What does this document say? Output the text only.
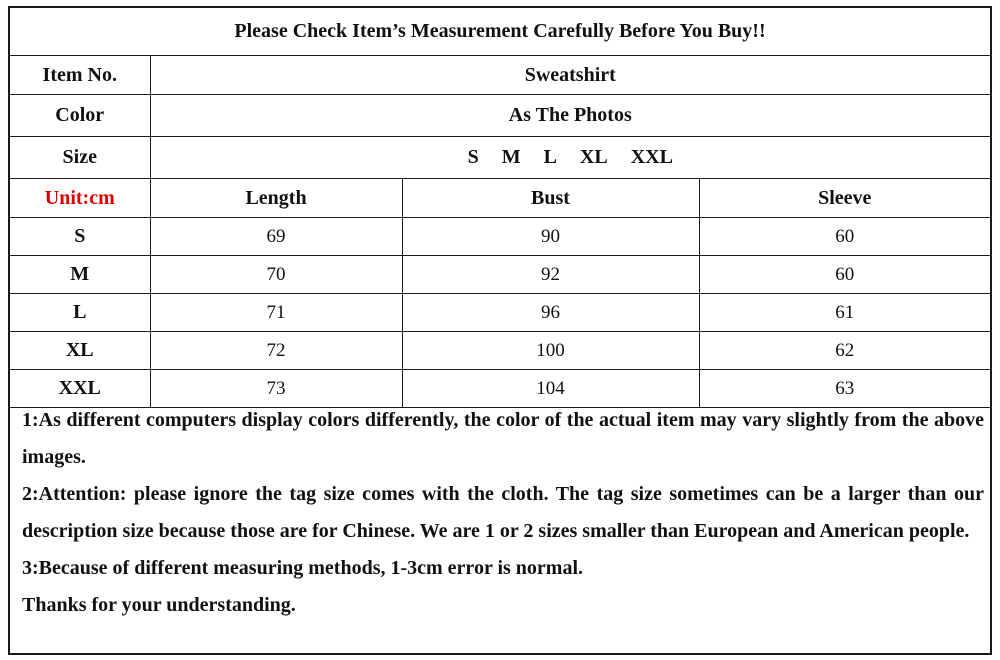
Please Check Item’s Measurement Carefully Before You Buy!!			
Item No.	Sweatshirt		
Color	As The Photos		
Size	S M L XL XXL		
Unit:cm	Length	Bust	Sleeve
S	69	90	60
M	70	92	60
L	71	96	61
XL	72	100	62
XXL	73	104	63

1:As different computers display colors differently, the color of the actual item may vary slightly from the above images.

2:Attention: please ignore the tag size comes with the cloth. The tag size sometimes can be a larger than our description size because those are for Chinese. We are 1 or 2 sizes smaller than European and American people.

3:Because of different measuring methods, 1-3cm error is normal.

Thanks for your understanding.
